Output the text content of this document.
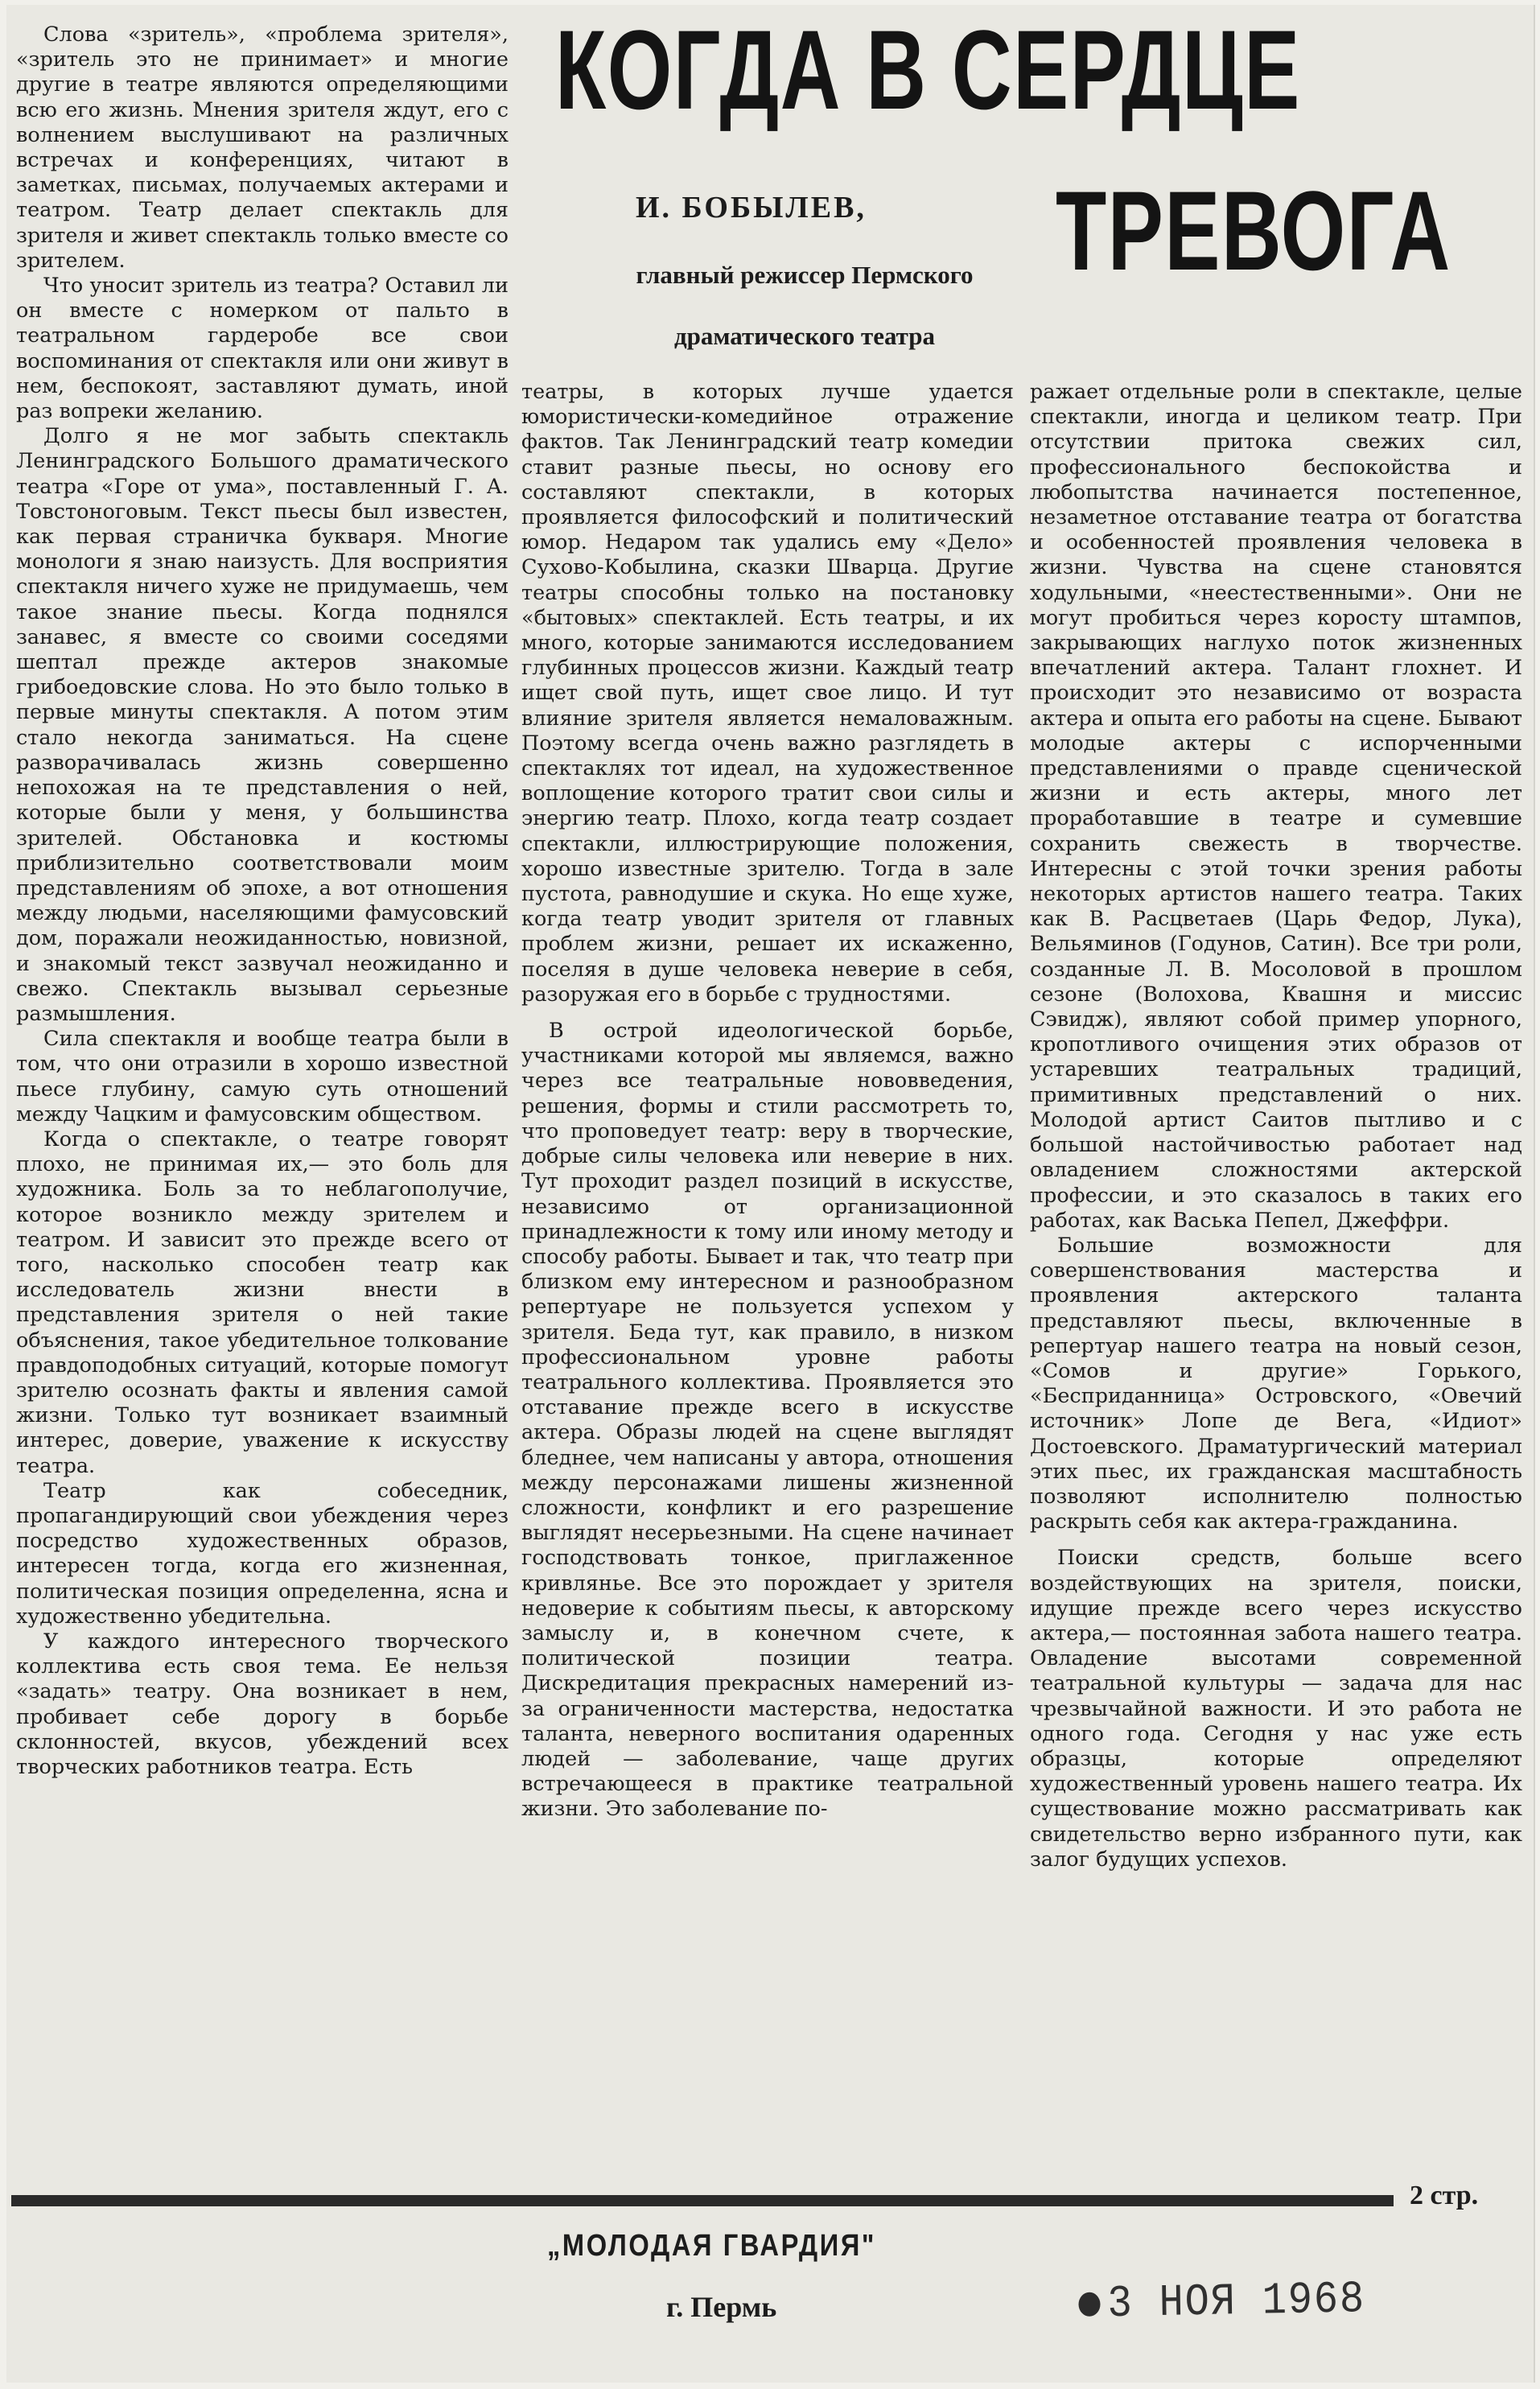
КОГДА В СЕРДЦЕ
ТРЕВОГА
И. БОБЫЛЕВ,
главный режиссер Пермского
драматического театра

Слова «зритель», «проблема зрителя», «зритель это не принимает» и многие другие в театре являются определяющими всю его жизнь. Мнения зрителя ждут, его с волнением выслушивают на различных встречах и конференциях, читают в заметках, письмах, получаемых актерами и театром. Театр делает спектакль для зрителя и живет спектакль только вместе со зрителем.

Что уносит зритель из театра? Оставил ли он вместе с номерком от пальто в театральном гардеробе все свои воспоминания от спектакля или они живут в нем, беспокоят, заставляют думать, иной раз вопреки желанию.

Долго я не мог забыть спектакль Ленинградского Большого драматического театра «Горе от ума», поставленный Г. А. Товстоноговым. Текст пьесы был известен, как первая страничка букваря. Многие монологи я знаю наизусть. Для восприятия спектакля ничего хуже не придумаешь, чем такое знание пьесы. Когда поднялся занавес, я вместе со своими соседями шептал прежде актеров знакомые грибоедовские слова. Но это было только в первые минуты спектакля. А потом этим стало некогда заниматься. На сцене разворачивалась жизнь совершенно непохожая на те представления о ней, которые были у меня, у большинства зрителей. Обстановка и костюмы приблизительно соответствовали моим представлениям об эпохе, а вот отношения между людьми, населяющими фамусовский дом, поражали неожиданностью, новизной, и знакомый текст зазвучал неожиданно и свежо. Спектакль вызывал серьезные размышления.

Сила спектакля и вообще театра были в том, что они отразили в хорошо известной пьесе глубину, самую суть отношений между Чацким и фамусовским обществом.

Когда о спектакле, о театре говорят плохо, не принимая их,— это боль для художника. Боль за то неблагополучие, которое возникло между зрителем и театром. И зависит это прежде всего от того, насколько способен театр как исследователь жизни внести в представления зрителя о ней такие объяснения, такое убедительное толкование правдоподобных ситуаций, которые помогут зрителю осознать факты и явления самой жизни. Только тут возникает взаимный интерес, доверие, уважение к искусству театра.

Театр как собеседник, пропагандирующий свои убеждения через посредство художественных образов, интересен тогда, когда его жизненная, политическая позиция определенна, ясна и художественно убедительна.

У каждого интересного творческого коллектива есть своя тема. Ее нельзя «задать» театру. Она возникает в нем, пробивает себе дорогу в борьбе склонностей, вкусов, убеждений всех творческих работников театра. Есть

театры, в которых лучше удается юмористически-комедийное отражение фактов. Так Ленинградский театр комедии ставит разные пьесы, но основу его составляют спектакли, в которых проявляется философский и политический юмор. Недаром так удались ему «Дело» Сухово-Кобылина, сказки Шварца. Другие театры способны только на постановку «бытовых» спектаклей. Есть театры, и их много, которые занимаются исследованием глубинных процессов жизни. Каждый театр ищет свой путь, ищет свое лицо. И тут влияние зрителя является немаловажным. Поэтому всегда очень важно разглядеть в спектаклях тот идеал, на художественное воплощение которого тратит свои силы и энергию театр. Плохо, когда театр создает спектакли, иллюстрирующие положения, хорошо известные зрителю. Тогда в зале пустота, равнодушие и скука. Но еще хуже, когда театр уводит зрителя от главных проблем жизни, решает их искаженно, поселяя в душе человека неверие в себя, разоружая его в борьбе с трудностями.

В острой идеологической борьбе, участниками которой мы являемся, важно через все театральные нововведения, решения, формы и стили рассмотреть то, что проповедует театр: веру в творческие, добрые силы человека или неверие в них. Тут проходит раздел позиций в искусстве, независимо от организационной принадлежности к тому или иному методу и способу работы. Бывает и так, что театр при близком ему интересном и разнообразном репертуаре не пользуется успехом у зрителя. Беда тут, как правило, в низком профессиональном уровне работы театрального коллектива. Проявляется это отставание прежде всего в искусстве актера. Образы людей на сцене выглядят бледнее, чем написаны у автора, отношения между персонажами лишены жизненной сложности, конфликт и его разрешение выглядят несерьезными. На сцене начинает господствовать тонкое, приглаженное кривлянье. Все это порождает у зрителя недоверие к событиям пьесы, к авторскому замыслу и, в конечном счете, к политической позиции театра. Дискредитация прекрасных намерений из-за ограниченности мастерства, недостатка таланта, неверного воспитания одаренных людей — заболевание, чаще других встречающееся в практике театральной жизни. Это заболевание по-

ражает отдельные роли в спектакле, целые спектакли, иногда и целиком театр. При отсутствии притока свежих сил, профессионального беспокойства и любопытства начинается постепенное, незаметное отставание театра от богатства и особенностей проявления человека в жизни. Чувства на сцене становятся ходульными, «неестественными». Они не могут пробиться через коросту штампов, закрывающих наглухо поток жизненных впечатлений актера. Талант глохнет. И происходит это независимо от возраста актера и опыта его работы на сцене. Бывают молодые актеры с испорченными представлениями о правде сценической жизни и есть актеры, много лет проработавшие в театре и сумевшие сохранить свежесть в творчестве. Интересны с этой точки зрения работы некоторых артистов нашего театра. Таких как В. Расцветаев (Царь Федор, Лука), Вельяминов (Годунов, Сатин). Все три роли, созданные Л. В. Мосоловой в прошлом сезоне (Волохова, Квашня и миссис Сэвидж), являют собой пример упорного, кропотливого очищения этих образов от устаревших театральных традиций, примитивных представлений о них. Молодой артист Саитов пытливо и с большой настойчивостью работает над овладением сложностями актерской профессии, и это сказалось в таких его работах, как Васька Пепел, Джеффри.

Большие возможности для совершенствования мастерства и проявления актерского таланта представляют пьесы, включенные в репертуар нашего театра на новый сезон, «Сомов и другие» Горького, «Бесприданница» Островского, «Овечий источник» Лопе де Вега, «Идиот» Достоевского. Драматургический материал этих пьес, их гражданская масштабность позволяют исполнителю полностью раскрыть себя как актера-гражданина.

Поиски средств, больше всего воздействующих на зрителя, поиски, идущие прежде всего через искусство актера,— постоянная забота нашего театра. Овладение высотами современной театральной культуры — задача для нас чрезвычайной важности. И это работа не одного года. Сегодня у нас уже есть образцы, которые определяют художественный уровень нашего театра. Их существование можно рассматривать как свидетельство верно избранного пути, как залог будущих успехов.

2 стр.
„МОЛОДАЯ ГВАРДИЯ"
г. Пермь	3 НОЯ 1968
